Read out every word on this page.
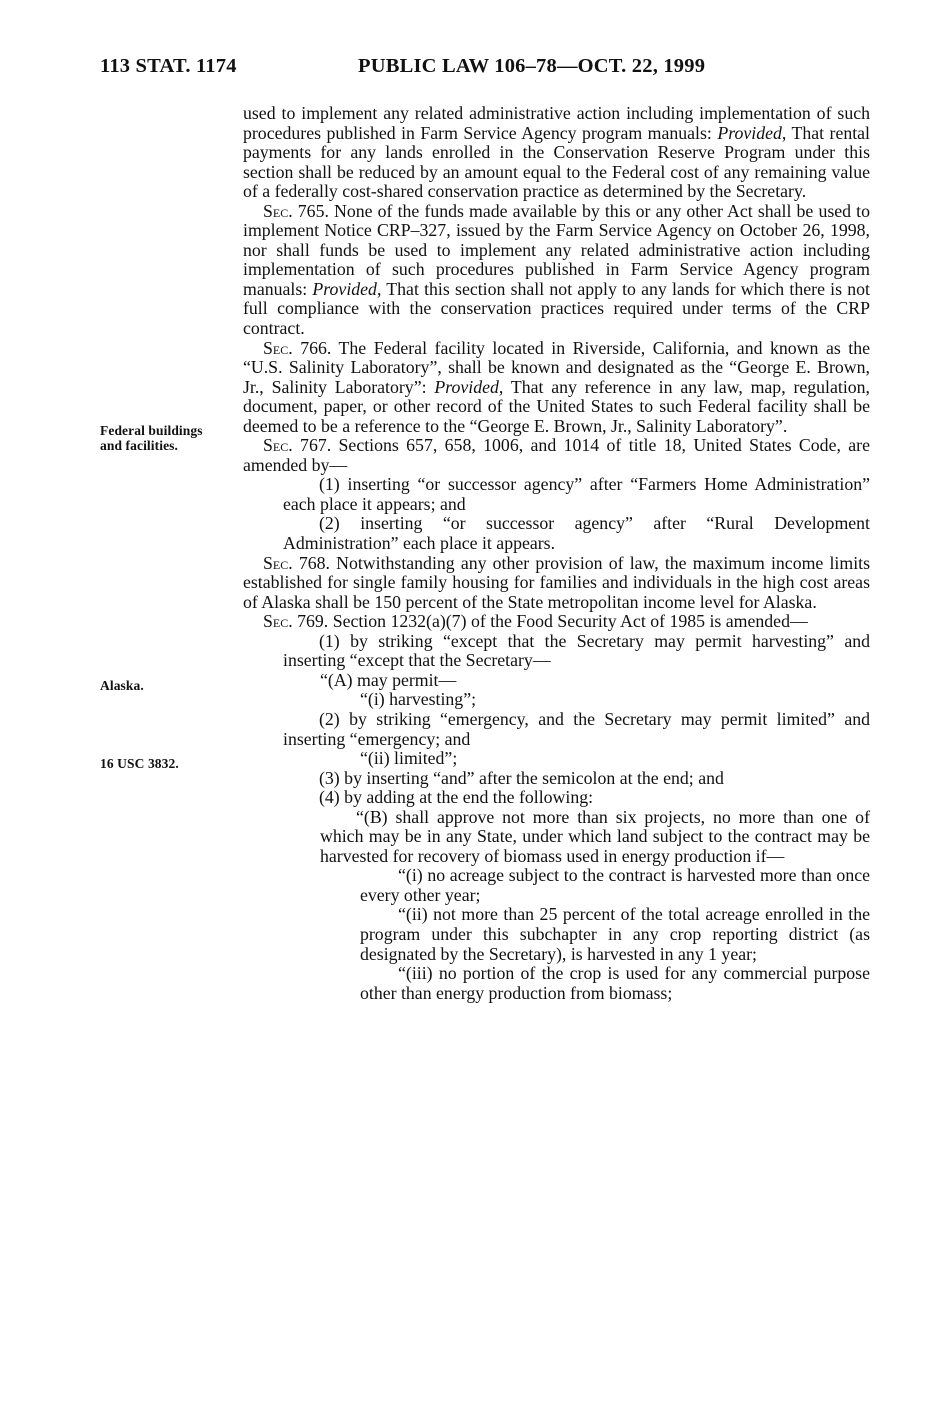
113 STAT. 1174	PUBLIC LAW 106–78—OCT. 22, 1999
Federal buildings
and facilities.
Alaska.
16 USC 3832.

used to implement any related administrative action including implementation of such procedures published in Farm Service Agency program manuals: Provided, That rental payments for any lands enrolled in the Conservation Reserve Program under this section shall be reduced by an amount equal to the Federal cost of any remaining value of a federally cost-shared conservation practice as determined by the Secretary.

Sec. 765. None of the funds made available by this or any other Act shall be used to implement Notice CRP–327, issued by the Farm Service Agency on October 26, 1998, nor shall funds be used to implement any related administrative action including implementation of such procedures published in Farm Service Agency program manuals: Provided, That this section shall not apply to any lands for which there is not full compliance with the conservation practices required under terms of the CRP contract.

Sec. 766. The Federal facility located in Riverside, California, and known as the “U.S. Salinity Laboratory”, shall be known and designated as the “George E. Brown, Jr., Salinity Laboratory”: Provided, That any reference in any law, map, regulation, document, paper, or other record of the United States to such Federal facility shall be deemed to be a reference to the “George E. Brown, Jr., Salinity Laboratory”.

Sec. 767. Sections 657, 658, 1006, and 1014 of title 18, United States Code, are amended by—

(1) inserting “or successor agency” after “Farmers Home Administration” each place it appears; and

(2) inserting “or successor agency” after “Rural Development Administration” each place it appears.

Sec. 768. Notwithstanding any other provision of law, the maximum income limits established for single family housing for families and individuals in the high cost areas of Alaska shall be 150 percent of the State metropolitan income level for Alaska.

Sec. 769. Section 1232(a)(7) of the Food Security Act of 1985 is amended—

(1) by striking “except that the Secretary may permit harvesting” and inserting “except that the Secretary—

“(A) may permit—

“(i) harvesting”;

(2) by striking “emergency, and the Secretary may permit limited” and inserting “emergency; and

“(ii) limited”;

(3) by inserting “and” after the semicolon at the end; and

(4) by adding at the end the following:

“(B) shall approve not more than six projects, no more than one of which may be in any State, under which land subject to the contract may be harvested for recovery of biomass used in energy production if—

“(i) no acreage subject to the contract is harvested more than once every other year;

“(ii) not more than 25 percent of the total acreage enrolled in the program under this subchapter in any crop reporting district (as designated by the Secretary), is harvested in any 1 year;

“(iii) no portion of the crop is used for any commercial purpose other than energy production from biomass;
